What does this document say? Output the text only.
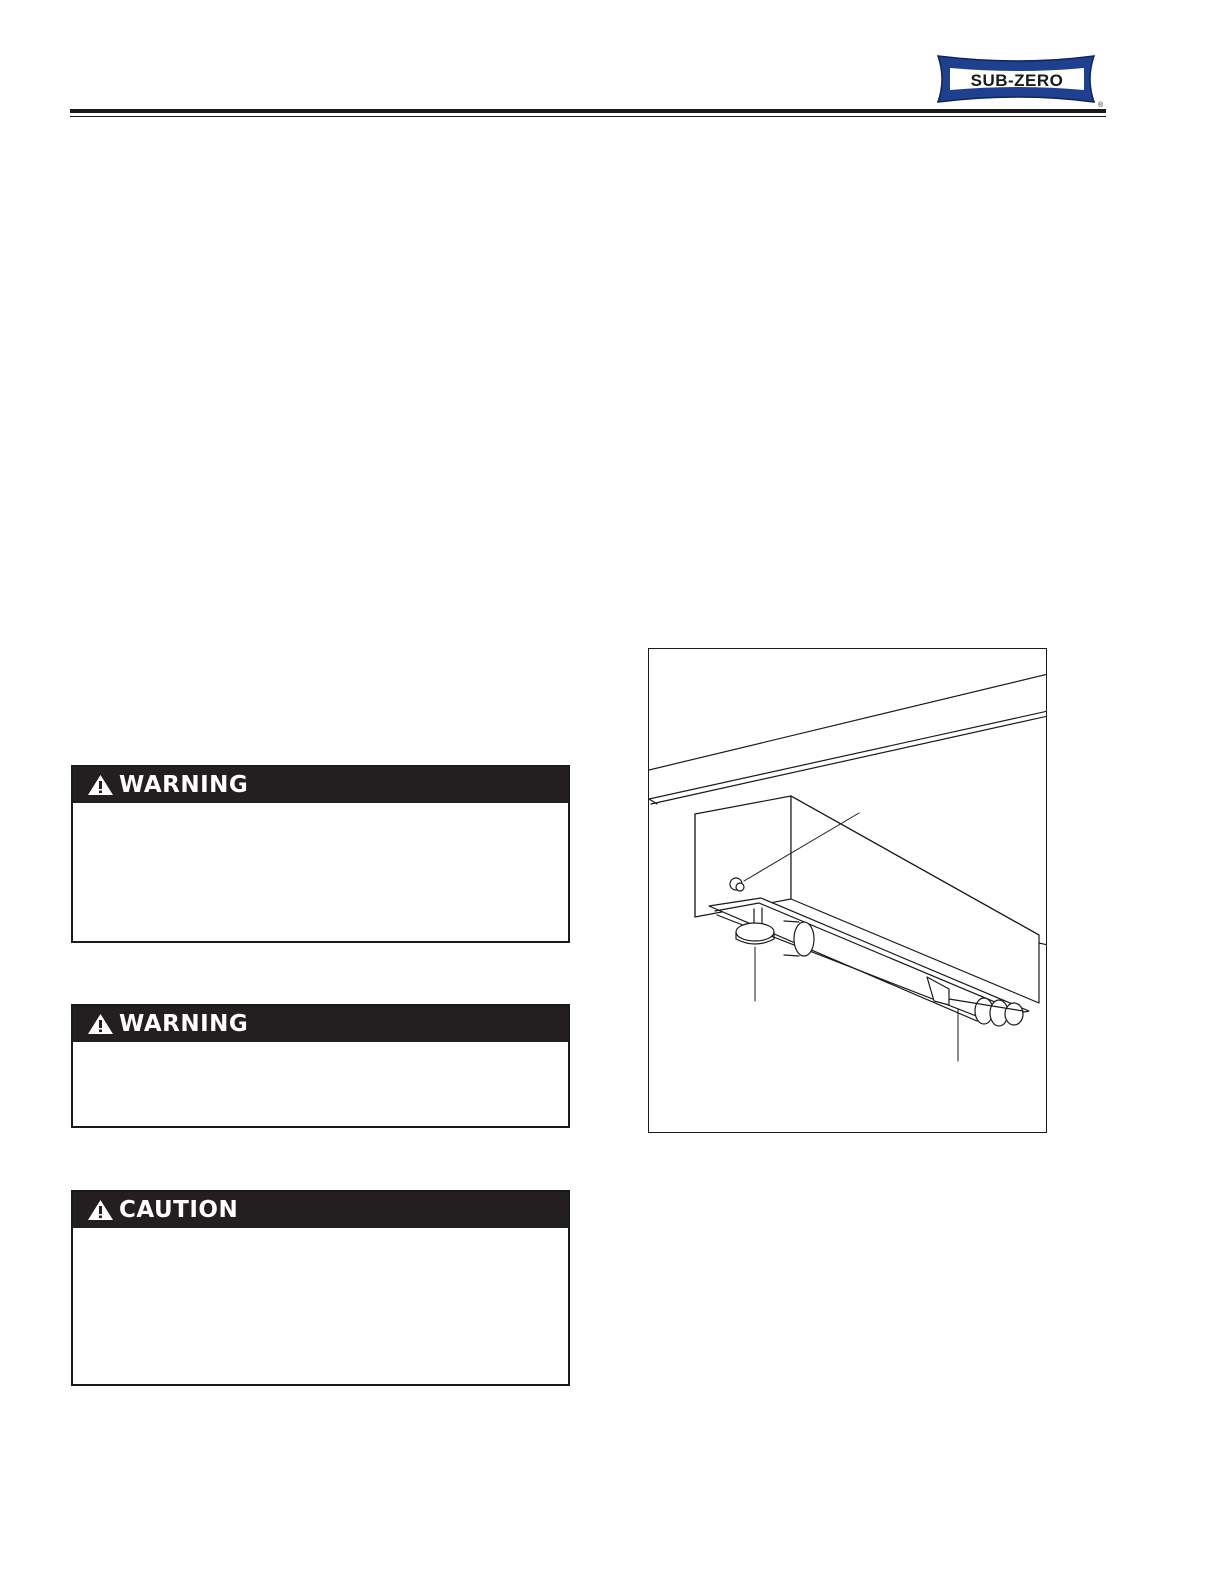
SUB-ZERO
®
WARNING
WARNING
CAUTION
